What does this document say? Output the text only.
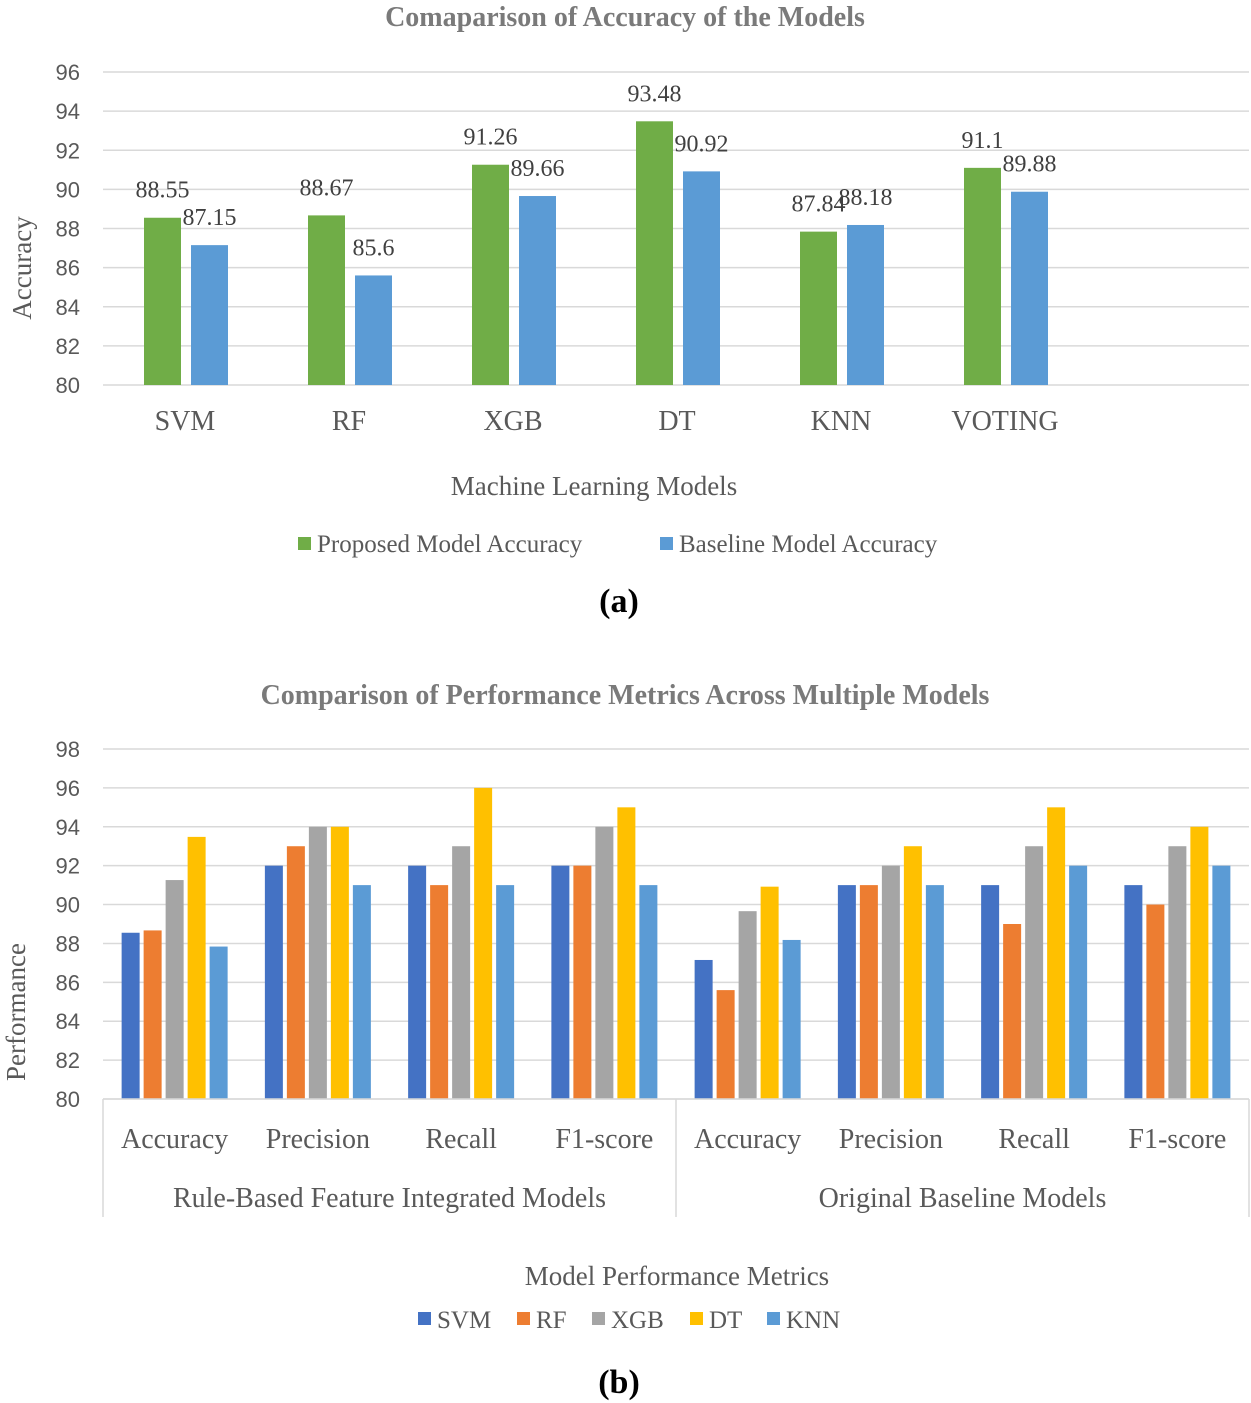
Comaparison of Accuracy of the Models
80
82
84
86
88
90
92
94
96
88.55
87.15
88.67
85.6
91.26
89.66
93.48
90.92
87.84
88.18
91.1
89.88
SVM	RF	XGB	DT	KNN	VOTING
Accuracy
Machine Learning Models
Proposed Model Accuracy	Baseline Model Accuracy
(a)
Comparison of Performance Metrics Across Multiple Models
80
82
84
86
88
90
92
94
96
98
Accuracy Precision Recall F1-score Accuracy Precision Recall F1-score
Rule-Based Feature Integrated Models	Original Baseline Models
Performance
Model Performance Metrics
SVM RF XGB DT KNN
(b)
